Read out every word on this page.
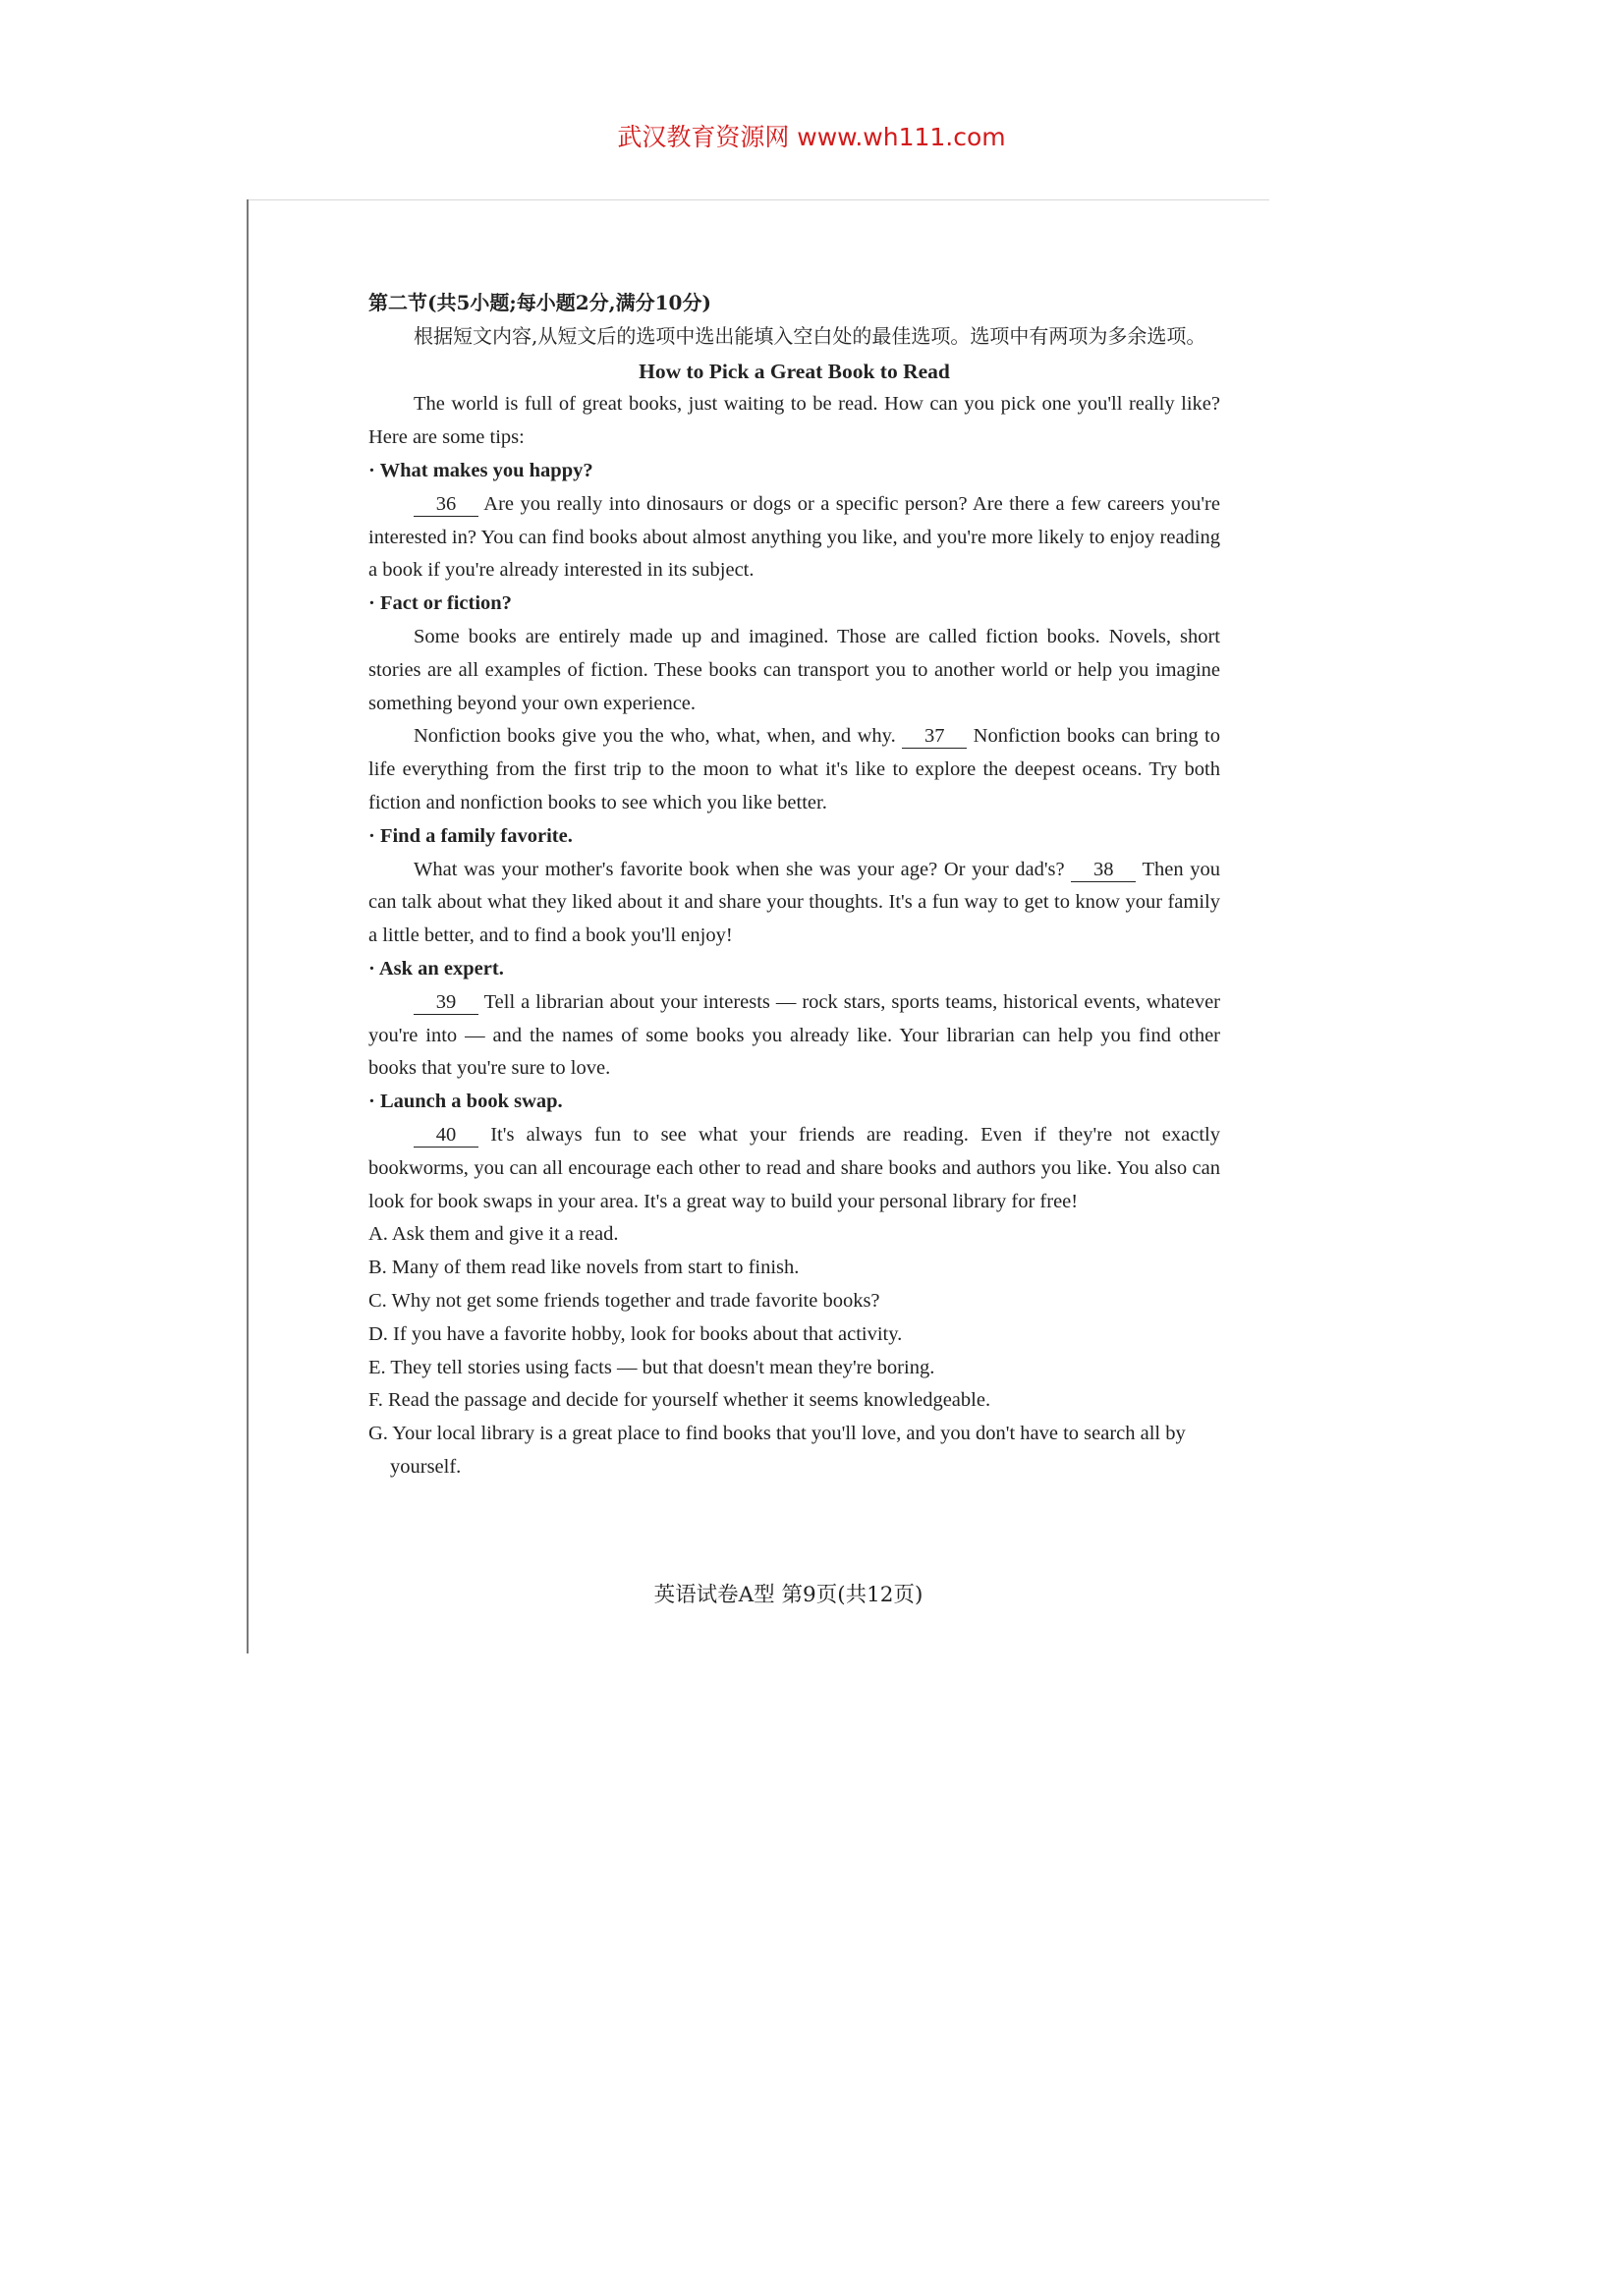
武汉教育资源网 www.wh111.com

第二节(共5小题;每小题2分,满分10分)

根据短文内容,从短文后的选项中选出能填入空白处的最佳选项。选项中有两项为多余选项。

How to Pick a Great Book to Read

The world is full of great books, just waiting to be read. How can you pick one you'll really like? Here are some tips:

· What makes you happy?

36 Are you really into dinosaurs or dogs or a specific person? Are there a few careers you're interested in? You can find books about almost anything you like, and you're more likely to enjoy reading a book if you're already interested in its subject.

· Fact or fiction?

Some books are entirely made up and imagined. Those are called fiction books. Novels, short stories are all examples of fiction. These books can transport you to another world or help you imagine something beyond your own experience.

Nonfiction books give you the who, what, when, and why. 37 Nonfiction books can bring to life everything from the first trip to the moon to what it's like to explore the deepest oceans. Try both fiction and nonfiction books to see which you like better.

· Find a family favorite.

What was your mother's favorite book when she was your age? Or your dad's? 38 Then you can talk about what they liked about it and share your thoughts. It's a fun way to get to know your family a little better, and to find a book you'll enjoy!

· Ask an expert.

39 Tell a librarian about your interests — rock stars, sports teams, historical events, whatever you're into — and the names of some books you already like. Your librarian can help you find other books that you're sure to love.

· Launch a book swap.

40 It's always fun to see what your friends are reading. Even if they're not exactly bookworms, you can all encourage each other to read and share books and authors you like. You also can look for book swaps in your area. It's a great way to build your personal library for free!

A. Ask them and give it a read.

B. Many of them read like novels from start to finish.

C. Why not get some friends together and trade favorite books?

D. If you have a favorite hobby, look for books about that activity.

E. They tell stories using facts — but that doesn't mean they're boring.

F. Read the passage and decide for yourself whether it seems knowledgeable.

G. Your local library is a great place to find books that you'll love, and you don't have to search all by yourself.

英语试卷A型 第9页(共12页)
